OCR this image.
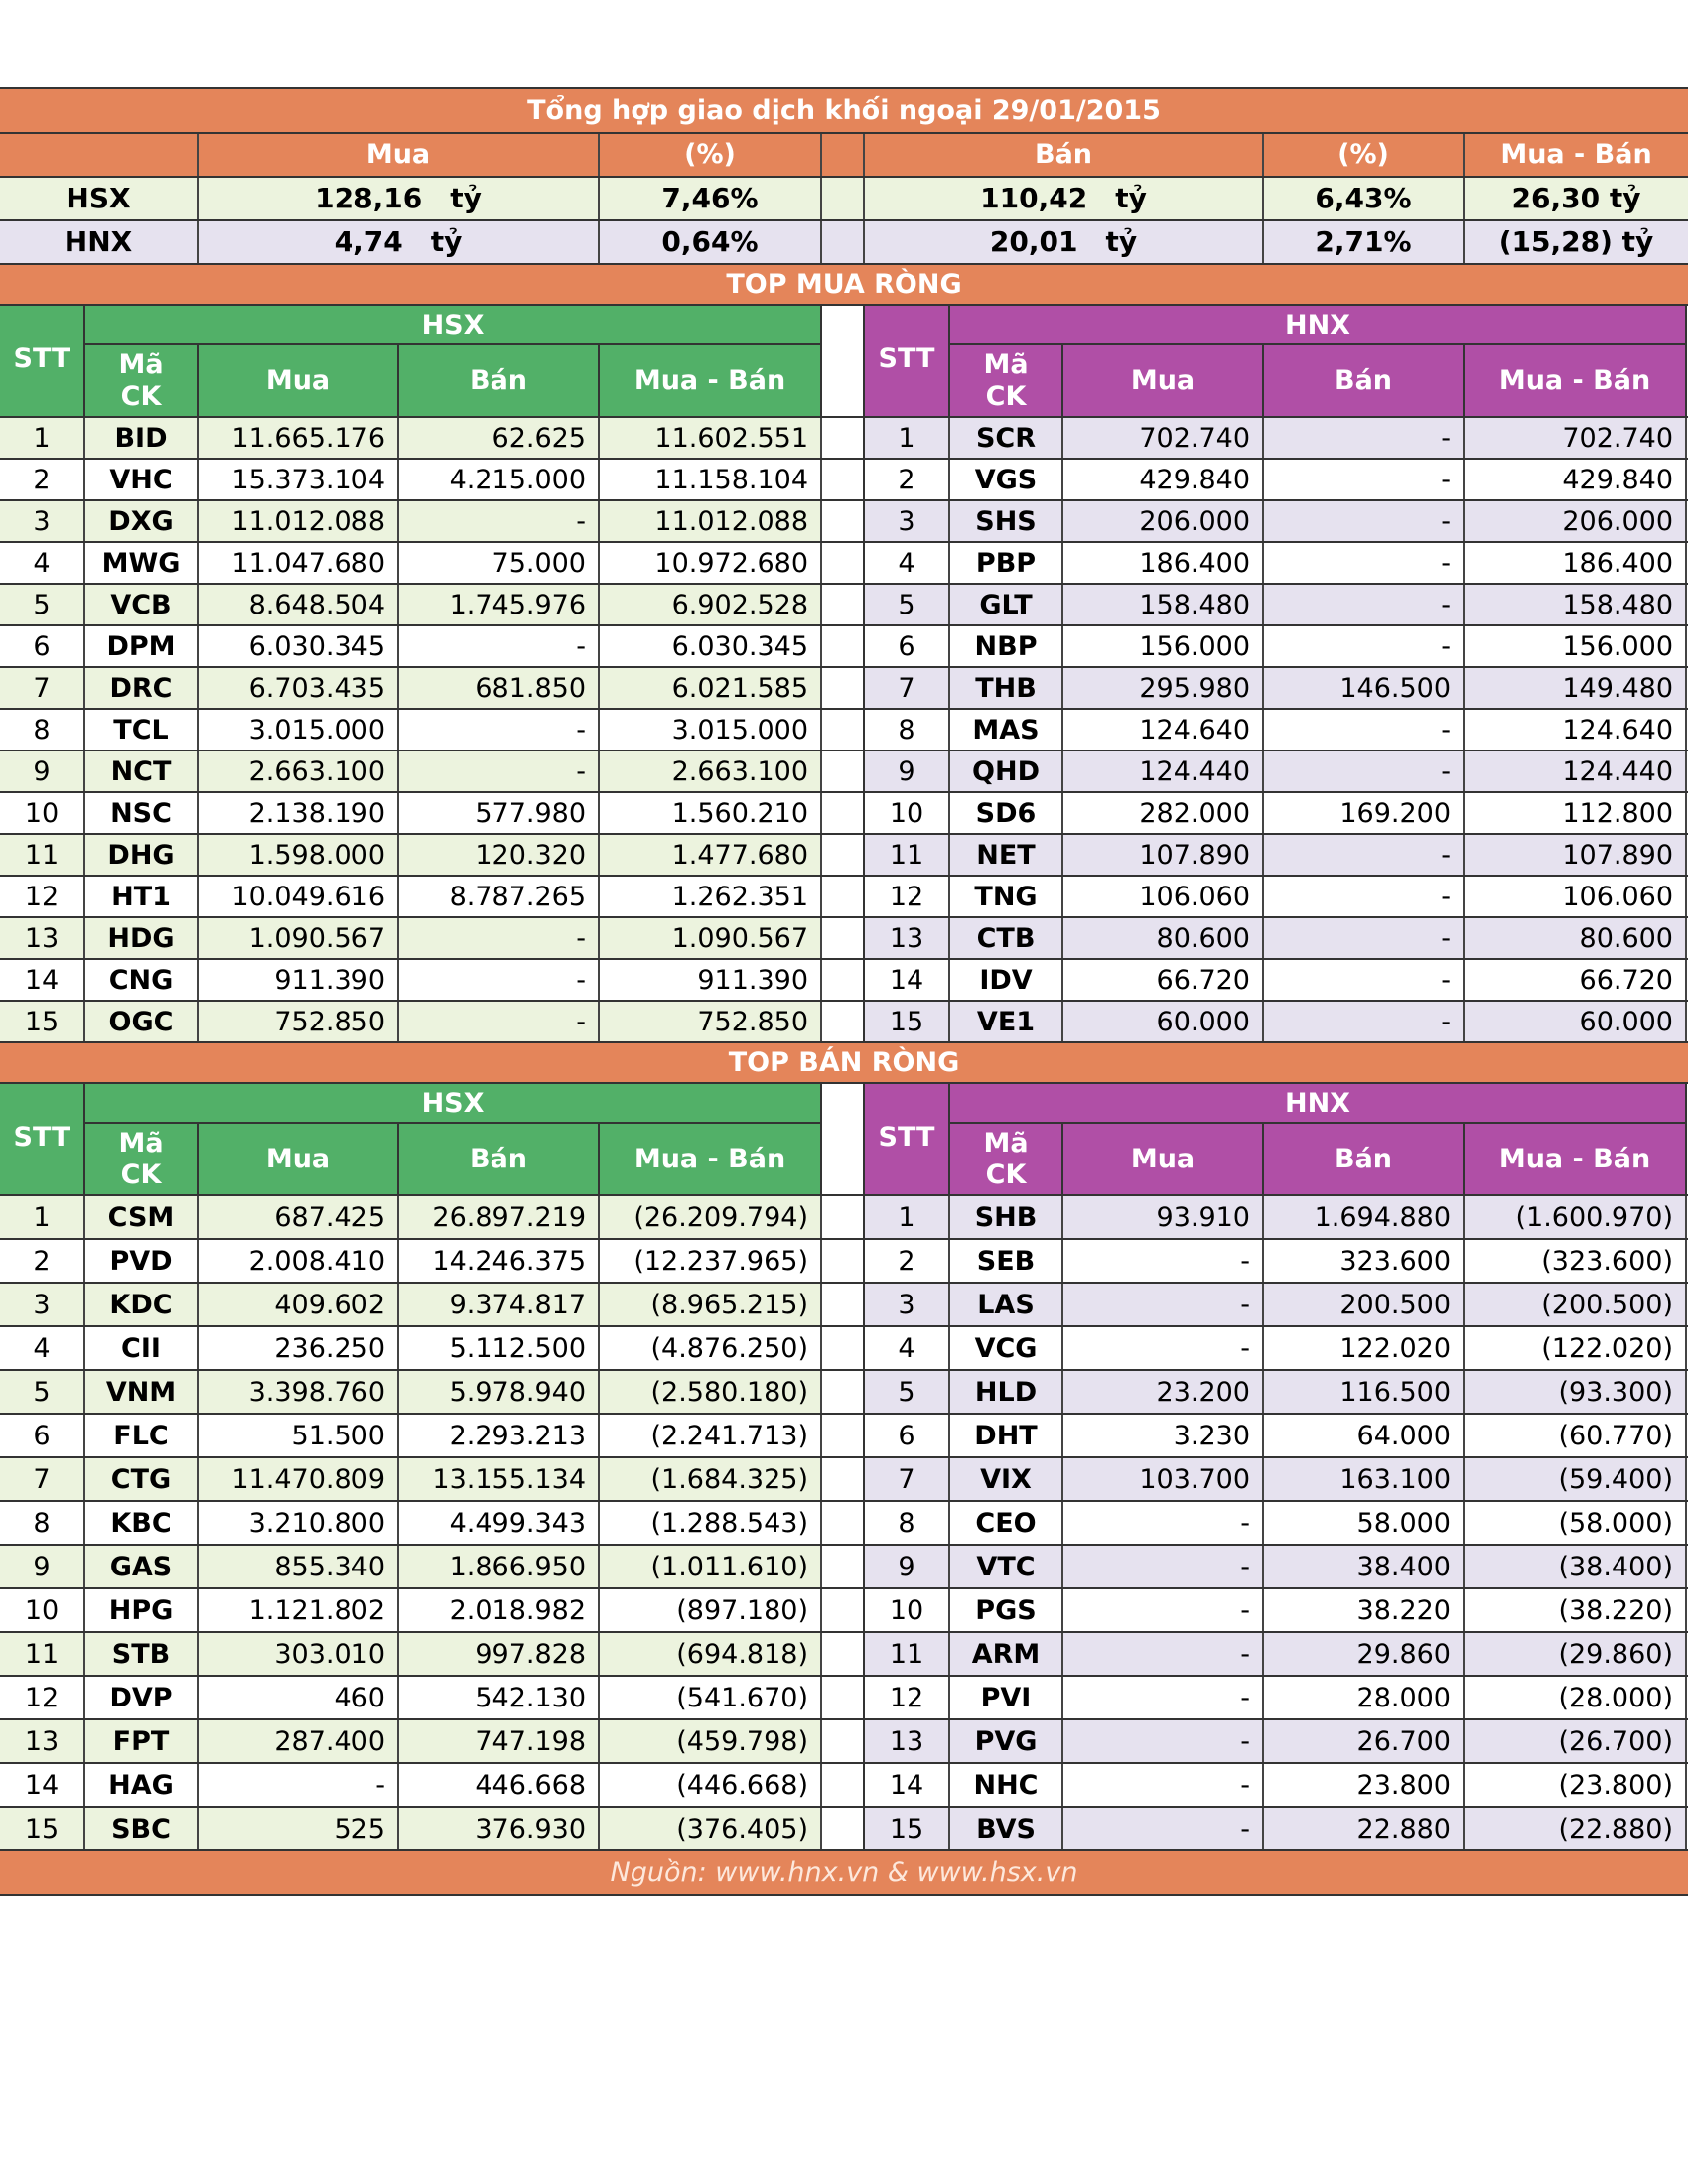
Tổng hợp giao dịch khối ngoại 29/01/2015
Mua	(%)	Bán	(%)	Mua - Bán
HSX	128,16 tỷ	7,46%	110,42 tỷ	6,43%	26,30 tỷ
HNX	4,74 tỷ	0,64%	20,01 tỷ	2,71%	(15,28) tỷ
TOP MUA RÒNG
STT
HSX
Mã
CK	Mua	Bán	Mua - Bán
STT
HNX
Mã
CK	Mua	Bán	Mua - Bán
1	BID	11.665.176	62.625	11.602.551	1	SCR	702.740	-	702.740
2	VHC	15.373.104	4.215.000	11.158.104	2	VGS	429.840	-	429.840
3	DXG	11.012.088	-	11.012.088	3	SHS	206.000	-	206.000
4	MWG	11.047.680	75.000	10.972.680	4	PBP	186.400	-	186.400
5	VCB	8.648.504	1.745.976	6.902.528	5	GLT	158.480	-	158.480
6	DPM	6.030.345	-	6.030.345	6	NBP	156.000	-	156.000
7	DRC	6.703.435	681.850	6.021.585	7	THB	295.980	146.500	149.480
8	TCL	3.015.000	-	3.015.000	8	MAS	124.640	-	124.640
9	NCT	2.663.100	-	2.663.100	9	QHD	124.440	-	124.440
10	NSC	2.138.190	577.980	1.560.210	10	SD6	282.000	169.200	112.800
11	DHG	1.598.000	120.320	1.477.680	11	NET	107.890	-	107.890
12	HT1	10.049.616	8.787.265	1.262.351	12	TNG	106.060	-	106.060
13	HDG	1.090.567	-	1.090.567	13	CTB	80.600	-	80.600
14	CNG	911.390	-	911.390	14	IDV	66.720	-	66.720
15	OGC	752.850	-	752.850	15	VE1	60.000	-	60.000
TOP BÁN RÒNG
STT
HSX
Mã
CK	Mua	Bán	Mua - Bán
STT
HNX
Mã
CK	Mua	Bán	Mua - Bán
1	CSM	687.425	26.897.219	(26.209.794)	1	SHB	93.910	1.694.880	(1.600.970)
2	PVD	2.008.410	14.246.375	(12.237.965)	2	SEB	-	323.600	(323.600)
3	KDC	409.602	9.374.817	(8.965.215)	3	LAS	-	200.500	(200.500)
4	CII	236.250	5.112.500	(4.876.250)	4	VCG	-	122.020	(122.020)
5	VNM	3.398.760	5.978.940	(2.580.180)	5	HLD	23.200	116.500	(93.300)
6	FLC	51.500	2.293.213	(2.241.713)	6	DHT	3.230	64.000	(60.770)
7	CTG	11.470.809	13.155.134	(1.684.325)	7	VIX	103.700	163.100	(59.400)
8	KBC	3.210.800	4.499.343	(1.288.543)	8	CEO	-	58.000	(58.000)
9	GAS	855.340	1.866.950	(1.011.610)	9	VTC	-	38.400	(38.400)
10	HPG	1.121.802	2.018.982	(897.180)	10	PGS	-	38.220	(38.220)
11	STB	303.010	997.828	(694.818)	11	ARM	-	29.860	(29.860)
12	DVP	460	542.130	(541.670)	12	PVI	-	28.000	(28.000)
13	FPT	287.400	747.198	(459.798)	13	PVG	-	26.700	(26.700)
14	HAG	-	446.668	(446.668)	14	NHC	-	23.800	(23.800)
15	SBC	525	376.930	(376.405)	15	BVS	-	22.880	(22.880)
Nguồn: www.hnx.vn & www.hsx.vn
